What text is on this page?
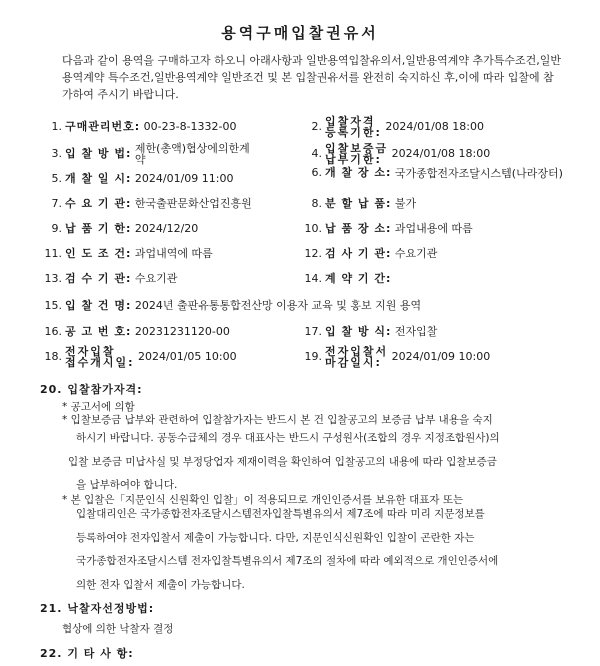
용역구매입찰권유서
다음과 같이 용역을 구매하고자 하오니 아래사항과 일반용역입찰유의서,일반용역계약 추가특수조건,일반용역계약 특수조건,일반용역계약 일반조건 및 본 입찰권유서를 완전히 숙지하신 후,이에 따라 입찰에 참가하여 주시기 바랍니다.
1. 구매관리번호: 00-23-8-1332-00	2. 입찰자격
등록기한: 2024/01/08 18:00
3. 입 찰 방 법: 제한(총액)협상에의한계약	4. 입찰보증금
납부기한: 2024/01/08 18:00
5. 개 찰 일 시: 2024/01/09 11:00	6. 개 찰 장 소: 국가종합전자조달시스템(나라장터)
7. 수 요 기 관: 한국출판문화산업진흥원	8. 분 할 납 품: 불가
9. 납 품 기 한: 2024/12/20	10. 납 품 장 소: 과업내용에 따름
11. 인 도 조 건: 과업내역에 따름	12. 검 사 기 관: 수요기관
13. 검 수 기 관: 수요기관	14. 계 약 기 간:
15. 입 찰 건 명: 2024년 출판유통통합전산망 이용자 교육 및 홍보 지원 용역
16. 공 고 번 호: 20231231120-00	17. 입 찰 방 식: 전자입찰
18. 전자입찰
접수개시일: 2024/01/05 10:00	19. 전자입찰서
마감일시: 2024/01/09 10:00
20. 입찰참가자격:
* 공고서에 의함
* 입찰보증금 납부와 관련하여 입찰참가자는 반드시 본 건 입찰공고의 보증금 납부 내용을 숙지
하시기 바랍니다. 공동수급체의 경우 대표사는 반드시 구성원사(조합의 경우 지정조합원사)의
입찰 보증금 미납사실 및 부정당업자 제재이력을 확인하여 입찰공고의 내용에 따라 입찰보증금
을 납부하여야 합니다.
* 본 입찰은「지문인식 신원확인 입찰」이 적용되므로 개인인증서를 보유한 대표자 또는
입찰대리인은 국가종합전자조달시스템전자입찰특별유의서 제7조에 따라 미리 지문정보를
등록하여야 전자입찰서 제출이 가능합니다. 다만, 지문인식신원확인 입찰이 곤란한 자는
국가종합전자조달시스템 전자입찰특별유의서 제7조의 절차에 따라 예외적으로 개인인증서에
의한 전자 입찰서 제출이 가능합니다.
21. 낙찰자선정방법:
협상에 의한 낙찰자 결정
22. 기 타 사 항:
